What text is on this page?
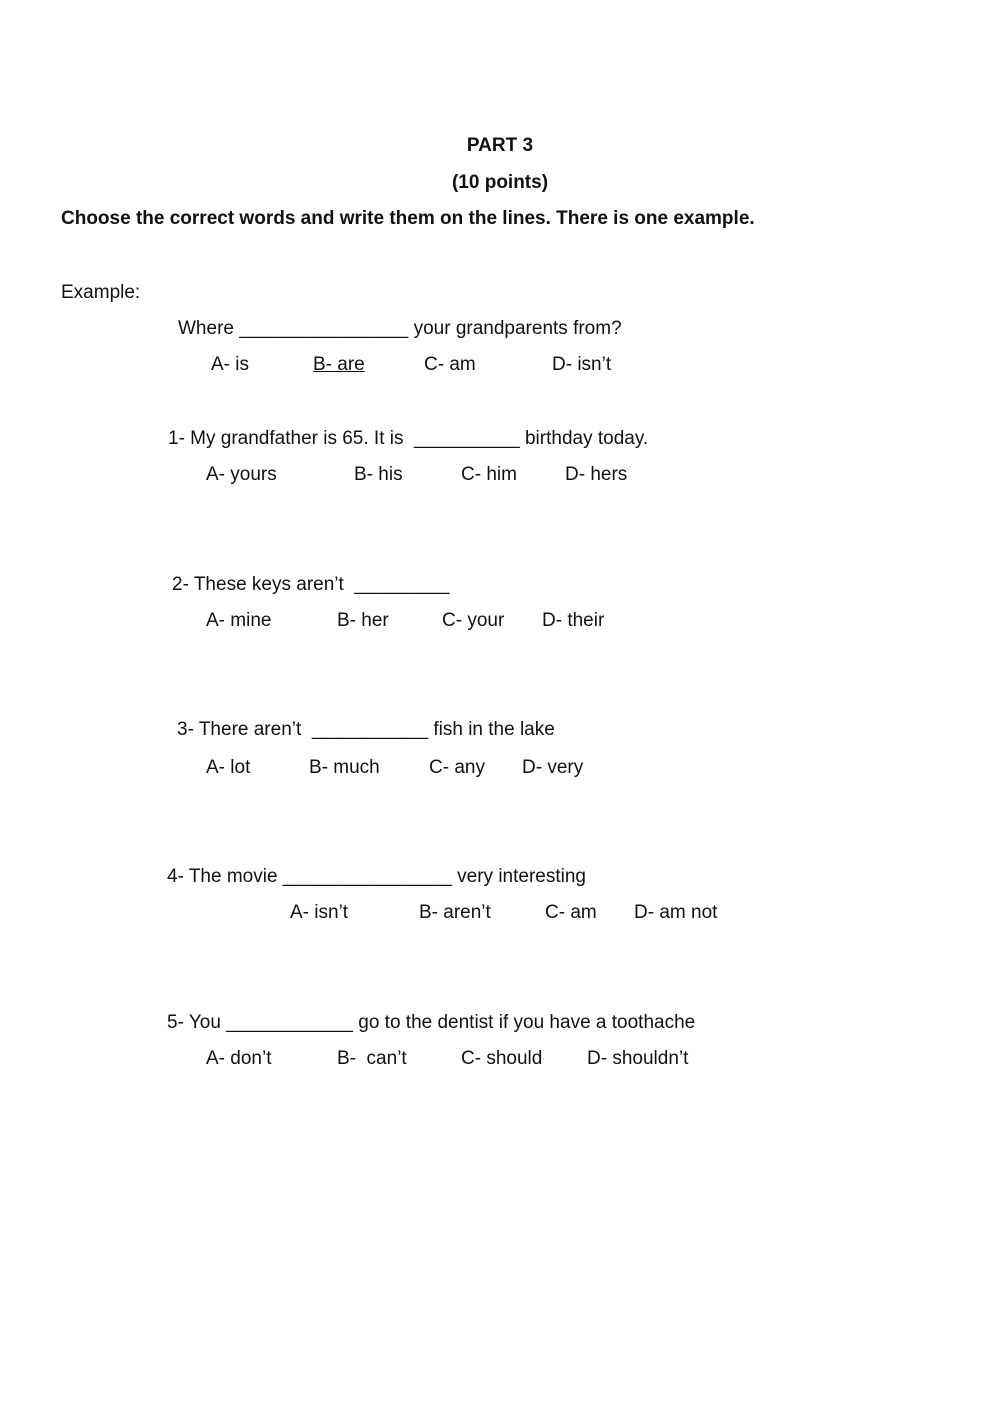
PART 3
(10 points)
Choose the correct words and write them on the lines. There is one example.
Example:
Where ________________ your grandparents from?
A- is	B- are	C- am	D- isn’t
1- My grandfather is 65. It is  __________ birthday today.
A- yours	B- his	C- him	D- hers
2- These keys aren’t  _________
A- mine	B- her	C- your D- their
3- There aren’t  ___________ fish in the lake
A- lot	B- much	C- any D- very
4- The movie ________________ very interesting
A- isn’t	B- aren’t	C- am D- am not
5- You ____________ go to the dentist if you have a toothache
A- don’t	B-  can’t	C- should D- shouldn’t
